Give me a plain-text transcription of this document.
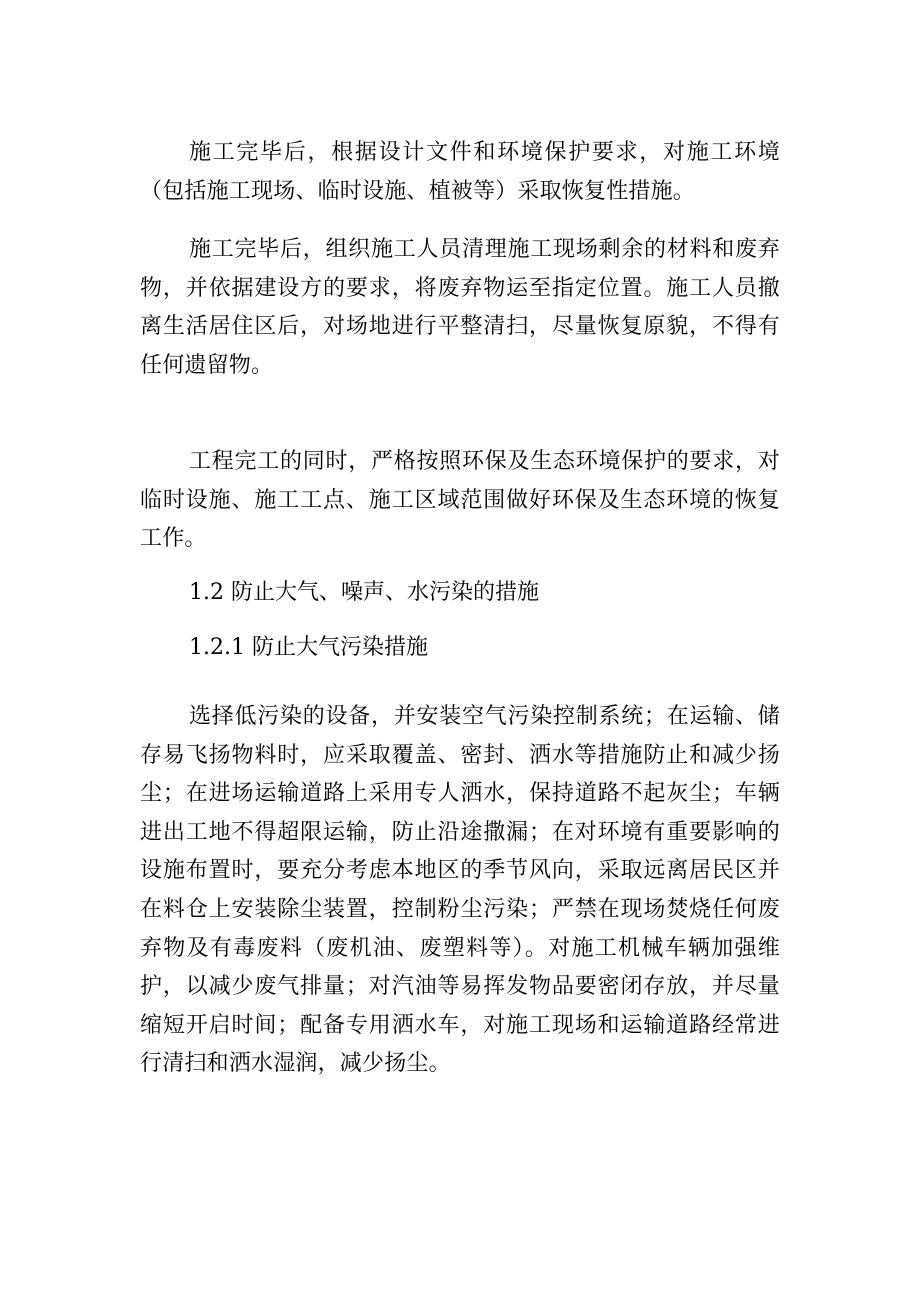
施工完毕后，根据设计文件和环境保护要求，对施工环境（包括施工现场、临时设施、植被等）采取恢复性措施。

施工完毕后，组织施工人员清理施工现场剩余的材料和废弃物，并依据建设方的要求，将废弃物运至指定位置。施工人员撤离生活居住区后，对场地进行平整清扫，尽量恢复原貌，不得有任何遗留物。

工程完工的同时，严格按照环保及生态环境保护的要求，对临时设施、施工工点、施工区域范围做好环保及生态环境的恢复工作。

1.2 防止大气、噪声、水污染的措施
1.2.1 防止大气污染措施

选择低污染的设备，并安装空气污染控制系统；在运输、储存易飞扬物料时，应采取覆盖、密封、洒水等措施防止和减少扬尘；在进场运输道路上采用专人洒水，保持道路不起灰尘；车辆进出工地不得超限运输，防止沿途撒漏；在对环境有重要影响的设施布置时，要充分考虑本地区的季节风向，采取远离居民区并在料仓上安装除尘装置，控制粉尘污染；严禁在现场焚烧任何废弃物及有毒废料（废机油、废塑料等）。对施工机械车辆加强维护，以减少废气排量；对汽油等易挥发物品要密闭存放，并尽量缩短开启时间；配备专用洒水车，对施工现场和运输道路经常进行清扫和洒水湿润，减少扬尘。
